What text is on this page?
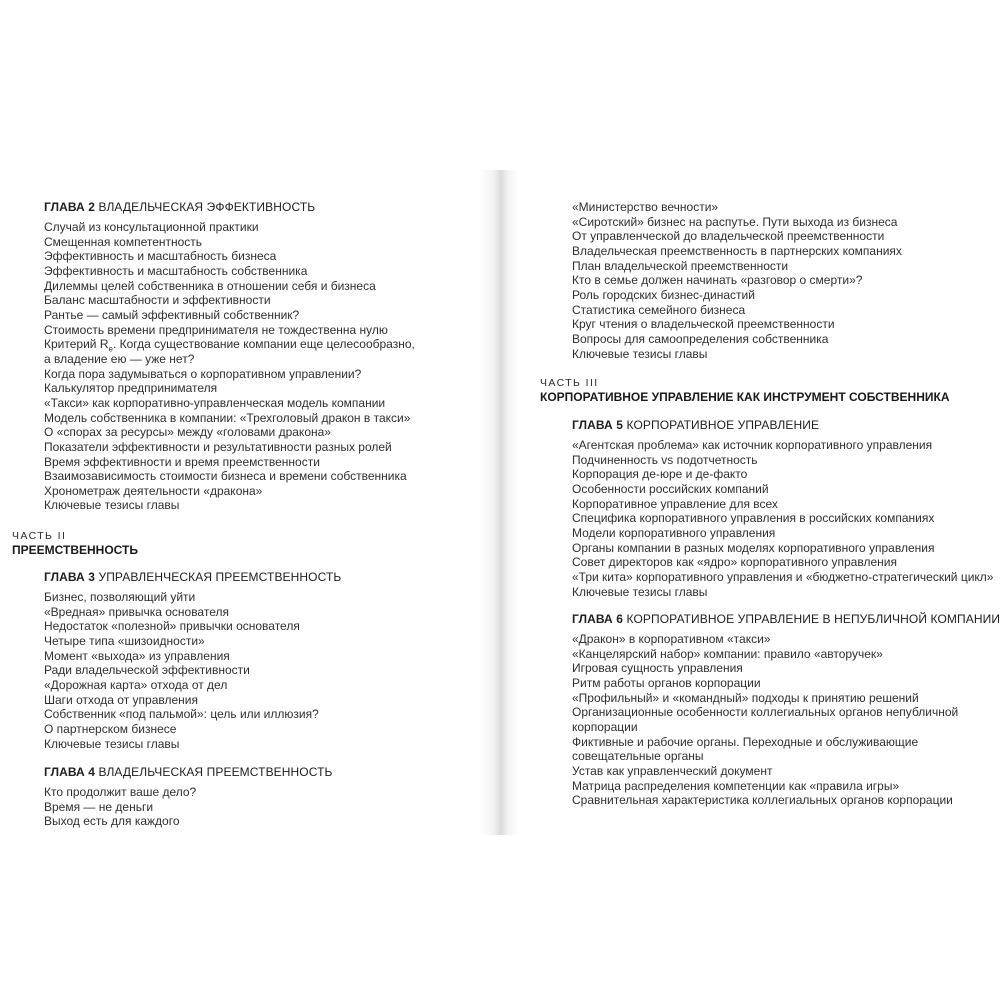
ГЛАВА 2 ВЛАДЕЛЬЧЕСКАЯ ЭФФЕКТИВНОСТЬ
Случай из консультационной практики
Смещенная компетентность
Эффективность и масштабность бизнеса
Эффективность и масштабность собственника
Дилеммы целей собственника в отношении себя и бизнеса
Баланс масштабности и эффективности
Рантье — самый эффективный собственник?
Стоимость времени предпринимателя не тождественна нулю
Критерий $R_e$. Когда существование компании еще целесообразно,
а владение ею — уже нет?
Когда пора задумываться о корпоративном управлении?
Калькулятор предпринимателя
«Такси» как корпоративно-управленческая модель компании
Модель собственника в компании: «Трехголовый дракон в такси»
О «спорах за ресурсы» между «головами дракона»
Показатели эффективности и результативности разных ролей
Время эффективности и время преемственности
Взаимозависимость стоимости бизнеса и времени собственника
Хронометраж деятельности «дракона»
Ключевые тезисы главы
ЧАСТЬ II
ПРЕЕМСТВЕННОСТЬ
ГЛАВА 3 УПРАВЛЕНЧЕСКАЯ ПРЕЕМСТВЕННОСТЬ
Бизнес, позволяющий уйти
«Вредная» привычка основателя
Недостаток «полезной» привычки основателя
Четыре типа «шизоидности»
Момент «выхода» из управления
Ради владельческой эффективности
«Дорожная карта» отхода от дел
Шаги отхода от управления
Собственник «под пальмой»: цель или иллюзия?
О партнерском бизнесе
Ключевые тезисы главы
ГЛАВА 4 ВЛАДЕЛЬЧЕСКАЯ ПРЕЕМСТВЕННОСТЬ
Кто продолжит ваше дело?
Время — не деньги
Выход есть для каждого
«Министерство вечности»
«Сиротский» бизнес на распутье. Пути выхода из бизнеса
От управленческой до владельческой преемственности
Владельческая преемственность в партнерских компаниях
План владельческой преемственности
Кто в семье должен начинать «разговор о смерти»?
Роль городских бизнес-династий
Статистика семейного бизнеса
Круг чтения о владельческой преемственности
Вопросы для самоопределения собственника
Ключевые тезисы главы
ЧАСТЬ III
КОРПОРАТИВНОЕ УПРАВЛЕНИЕ КАК ИНСТРУМЕНТ СОБСТВЕННИКА
ГЛАВА 5 КОРПОРАТИВНОЕ УПРАВЛЕНИЕ
«Агентская проблема» как источник корпоративного управления
Подчиненность vs подотчетность
Корпорация де-юре и де-факто
Особенности российских компаний
Корпоративное управление для всех
Специфика корпоративного управления в российских компаниях
Модели корпоративного управления
Органы компании в разных моделях корпоративного управления
Совет директоров как «ядро» корпоративного управления
«Три кита» корпоративного управления и «бюджетно-стратегический цикл»
Ключевые тезисы главы
ГЛАВА 6 КОРПОРАТИВНОЕ УПРАВЛЕНИЕ В НЕПУБЛИЧНОЙ КОМПАНИИ
«Дракон» в корпоративном «такси»
«Канцелярский набор» компании: правило «авторучек»
Игровая сущность управления
Ритм работы органов корпорации
«Профильный» и «командный» подходы к принятию решений
Организационные особенности коллегиальных органов непубличной
корпорации
Фиктивные и рабочие органы. Переходные и обслуживающие
совещательные органы
Устав как управленческий документ
Матрица распределения компетенции как «правила игры»
Сравнительная характеристика коллегиальных органов корпорации
